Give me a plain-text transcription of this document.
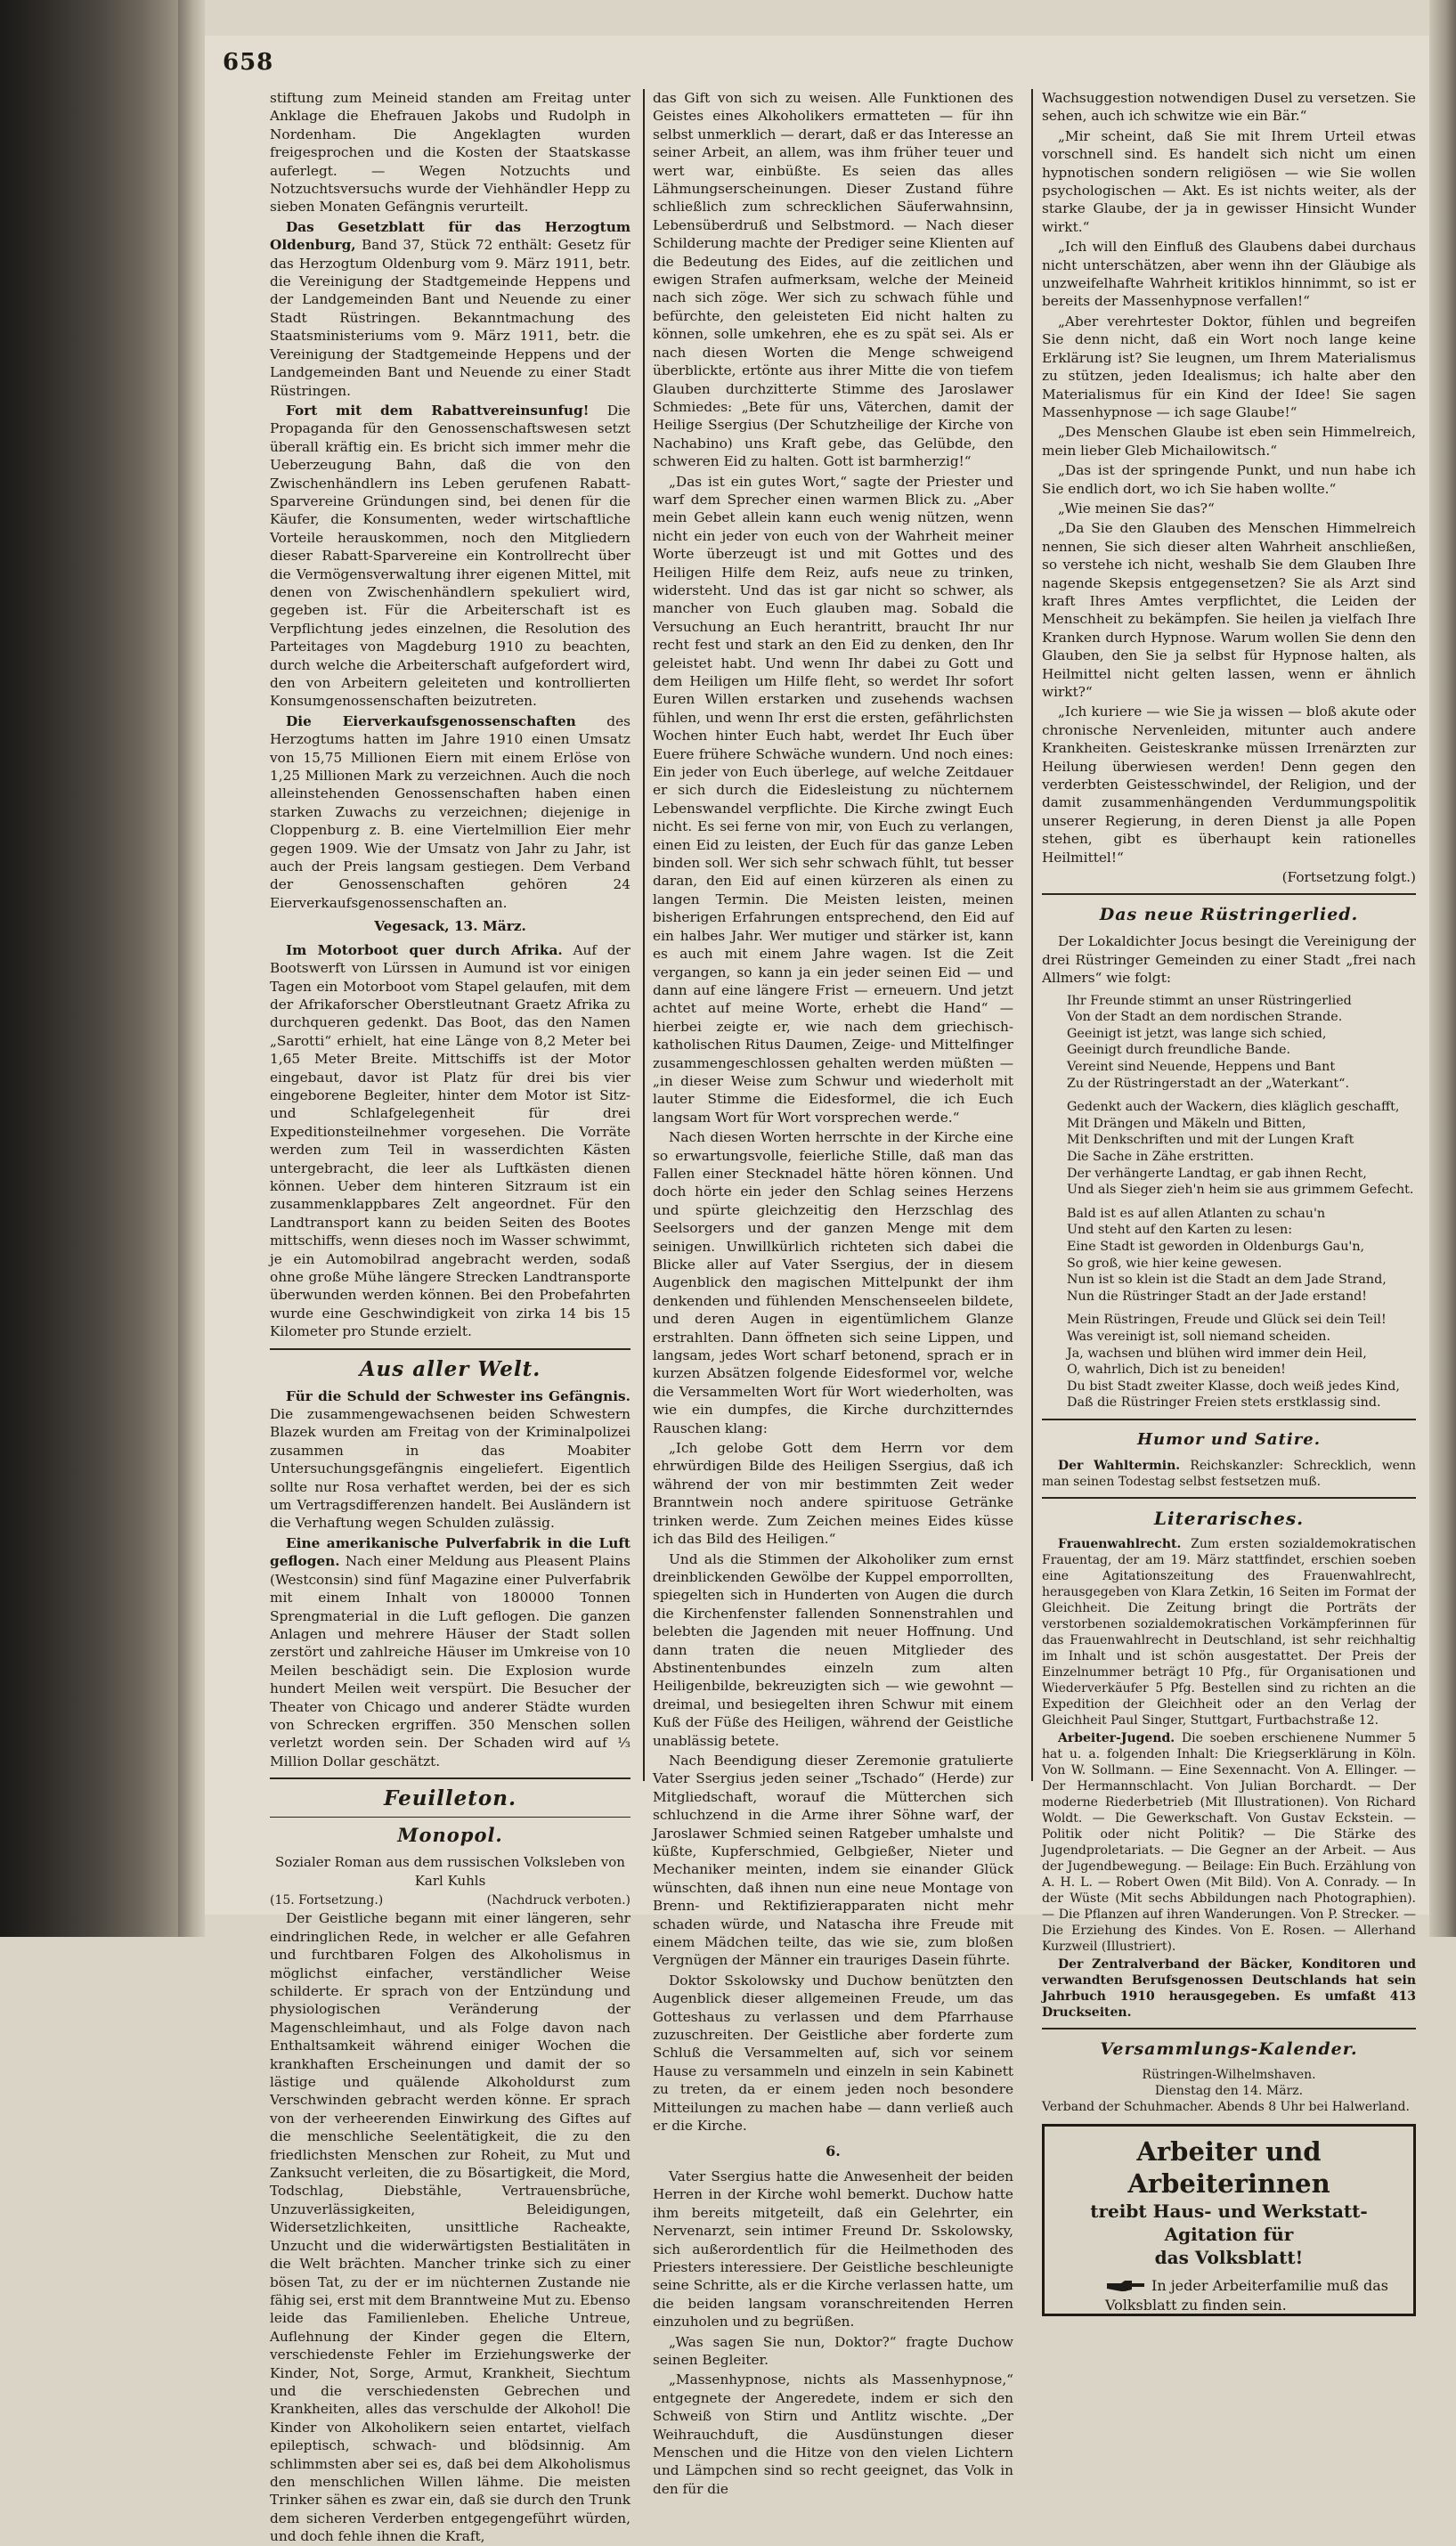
658

stiftung zum Meineid standen am Freitag unter Anklage die Ehefrauen Jakobs und Rudolph in Nordenham. Die Angeklagten wurden freigesprochen und die Kosten der Staatskasse auferlegt. — Wegen Notzuchts und Notzuchtsversuchs wurde der Viehhändler Hepp zu sieben Monaten Gefängnis verurteilt.

Das Gesetzblatt für das Herzogtum Oldenburg, Band 37, Stück 72 enthält: Gesetz für das Herzogtum Oldenburg vom 9. März 1911, betr. die Vereinigung der Stadtgemeinde Heppens und der Landgemeinden Bant und Neuende zu einer Stadt Rüstringen. Bekanntmachung des Staatsministeriums vom 9. März 1911, betr. die Vereinigung der Stadtgemeinde Heppens und der Landgemeinden Bant und Neuende zu einer Stadt Rüstringen.

Fort mit dem Rabattvereinsunfug! Die Propaganda für den Genossenschaftswesen setzt überall kräftig ein. Es bricht sich immer mehr die Ueberzeugung Bahn, daß die von den Zwischenhändlern ins Leben gerufenen Rabatt-Sparvereine Gründungen sind, bei denen für die Käufer, die Konsumenten, weder wirtschaftliche Vorteile herauskommen, noch den Mitgliedern dieser Rabatt-Sparvereine ein Kontrollrecht über die Vermögensverwaltung ihrer eigenen Mittel, mit denen von Zwischenhändlern spekuliert wird, gegeben ist. Für die Arbeiterschaft ist es Verpflichtung jedes einzelnen, die Resolution des Parteitages von Magdeburg 1910 zu beachten, durch welche die Arbeiterschaft aufgefordert wird, den von Arbeitern geleiteten und kontrollierten Konsumgenossenschaften beizutreten.

Die Eierverkaufsgenossenschaften des Herzogtums hatten im Jahre 1910 einen Umsatz von 15,75 Millionen Eiern mit einem Erlöse von 1,25 Millionen Mark zu verzeichnen. Auch die noch alleinstehenden Genossenschaften haben einen starken Zuwachs zu verzeichnen; diejenige in Cloppenburg z. B. eine Viertelmillion Eier mehr gegen 1909. Wie der Umsatz von Jahr zu Jahr, ist auch der Preis langsam gestiegen. Dem Verband der Genossenschaften gehören 24 Eierverkaufsgenossenschaften an.

Vegesack, 13. März.

Im Motorboot quer durch Afrika. Auf der Bootswerft von Lürssen in Aumund ist vor einigen Tagen ein Motorboot vom Stapel gelaufen, mit dem der Afrikaforscher Oberstleutnant Graetz Afrika zu durchqueren gedenkt. Das Boot, das den Namen „Sarotti“ erhielt, hat eine Länge von 8,2 Meter bei 1,65 Meter Breite. Mittschiffs ist der Motor eingebaut, davor ist Platz für drei bis vier eingeborene Begleiter, hinter dem Motor ist Sitz- und Schlafgelegenheit für drei Expeditionsteilnehmer vorgesehen. Die Vorräte werden zum Teil in wasserdichten Kästen untergebracht, die leer als Luftkästen dienen können. Ueber dem hinteren Sitzraum ist ein zusammenklappbares Zelt angeordnet. Für den Landtransport kann zu beiden Seiten des Bootes mittschiffs, wenn dieses noch im Wasser schwimmt, je ein Automobilrad angebracht werden, sodaß ohne große Mühe längere Strecken Landtransporte überwunden werden können. Bei den Probefahrten wurde eine Geschwindigkeit von zirka 14 bis 15 Kilometer pro Stunde erzielt.

Aus aller Welt.

Für die Schuld der Schwester ins Gefängnis. Die zusammengewachsenen beiden Schwestern Blazek wurden am Freitag von der Kriminalpolizei zusammen in das Moabiter Untersuchungsgefängnis eingeliefert. Eigentlich sollte nur Rosa verhaftet werden, bei der es sich um Vertragsdifferenzen handelt. Bei Ausländern ist die Verhaftung wegen Schulden zulässig.

Eine amerikanische Pulverfabrik in die Luft geflogen. Nach einer Meldung aus Pleasent Plains (Westconsin) sind fünf Magazine einer Pulverfabrik mit einem Inhalt von 180000 Tonnen Sprengmaterial in die Luft geflogen. Die ganzen Anlagen und mehrere Häuser der Stadt sollen zerstört und zahlreiche Häuser im Umkreise von 10 Meilen beschädigt sein. Die Explosion wurde hundert Meilen weit verspürt. Die Besucher der Theater von Chicago und anderer Städte wurden von Schrecken ergriffen. 350 Menschen sollen verletzt worden sein. Der Schaden wird auf ⅓ Million Dollar geschätzt.

Feuilleton.
Monopol.
Sozialer Roman aus dem russischen Volksleben von Karl Kuhls
(15. Fortsetzung.)	(Nachdruck verboten.)

Der Geistliche begann mit einer längeren, sehr eindringlichen Rede, in welcher er alle Gefahren und furchtbaren Folgen des Alkoholismus in möglichst einfacher, verständlicher Weise schilderte. Er sprach von der Entzündung und physiologischen Veränderung der Magenschleimhaut, und als Folge davon nach Enthaltsamkeit während einiger Wochen die krankhaften Erscheinungen und damit der so lästige und quälende Alkoholdurst zum Verschwinden gebracht werden könne. Er sprach von der verheerenden Einwirkung des Giftes auf die menschliche Seelentätigkeit, die zu den friedlichsten Menschen zur Roheit, zu Mut und Zanksucht verleiten, die zu Bösartigkeit, die Mord, Todschlag, Diebstähle, Vertrauensbrüche, Unzuverlässigkeiten, Beleidigungen, Widersetzlichkeiten, unsittliche Racheakte, Unzucht und die widerwärtigsten Bestialitäten in die Welt brächten. Mancher trinke sich zu einer bösen Tat, zu der er im nüchternen Zustande nie fähig sei, erst mit dem Branntweine Mut zu. Ebenso leide das Familienleben. Eheliche Untreue, Auflehnung der Kinder gegen die Eltern, verschiedenste Fehler im Erziehungswerke der Kinder, Not, Sorge, Armut, Krankheit, Siechtum und die verschiedensten Gebrechen und Krankheiten, alles das verschulde der Alkohol! Die Kinder von Alkoholikern seien entartet, vielfach epileptisch, schwach- und blödsinnig. Am schlimmsten aber sei es, daß bei dem Alkoholismus den menschlichen Willen lähme. Die meisten Trinker sähen es zwar ein, daß sie durch den Trunk dem sicheren Verderben entgegengeführt würden, und doch fehle ihnen die Kraft,

das Gift von sich zu weisen. Alle Funktionen des Geistes eines Alkoholikers ermatteten — für ihn selbst unmerklich — derart, daß er das Interesse an seiner Arbeit, an allem, was ihm früher teuer und wert war, einbüßte. Es seien das alles Lähmungserscheinungen. Dieser Zustand führe schließlich zum schrecklichen Säuferwahnsinn, Lebensüberdruß und Selbstmord. — Nach dieser Schilderung machte der Prediger seine Klienten auf die Bedeutung des Eides, auf die zeitlichen und ewigen Strafen aufmerksam, welche der Meineid nach sich zöge. Wer sich zu schwach fühle und befürchte, den geleisteten Eid nicht halten zu können, solle umkehren, ehe es zu spät sei. Als er nach diesen Worten die Menge schweigend überblickte, ertönte aus ihrer Mitte die von tiefem Glauben durchzitterte Stimme des Jaroslawer Schmiedes: „Bete für uns, Väterchen, damit der Heilige Ssergius (Der Schutzheilige der Kirche von Nachabino) uns Kraft gebe, das Gelübde, den schweren Eid zu halten. Gott ist barmherzig!“

„Das ist ein gutes Wort,“ sagte der Priester und warf dem Sprecher einen warmen Blick zu. „Aber mein Gebet allein kann euch wenig nützen, wenn nicht ein jeder von euch von der Wahrheit meiner Worte überzeugt ist und mit Gottes und des Heiligen Hilfe dem Reiz, aufs neue zu trinken, widersteht. Und das ist gar nicht so schwer, als mancher von Euch glauben mag. Sobald die Versuchung an Euch herantritt, braucht Ihr nur recht fest und stark an den Eid zu denken, den Ihr geleistet habt. Und wenn Ihr dabei zu Gott und dem Heiligen um Hilfe fleht, so werdet Ihr sofort Euren Willen erstarken und zusehends wachsen fühlen, und wenn Ihr erst die ersten, gefährlichsten Wochen hinter Euch habt, werdet Ihr Euch über Euere frühere Schwäche wundern. Und noch eines: Ein jeder von Euch überlege, auf welche Zeitdauer er sich durch die Eidesleistung zu nüchternem Lebenswandel verpflichte. Die Kirche zwingt Euch nicht. Es sei ferne von mir, von Euch zu verlangen, einen Eid zu leisten, der Euch für das ganze Leben binden soll. Wer sich sehr schwach fühlt, tut besser daran, den Eid auf einen kürzeren als einen zu langen Termin. Die Meisten leisten, meinen bisherigen Erfahrungen entsprechend, den Eid auf ein halbes Jahr. Wer mutiger und stärker ist, kann es auch mit einem Jahre wagen. Ist die Zeit vergangen, so kann ja ein jeder seinen Eid — und dann auf eine längere Frist — erneuern. Und jetzt achtet auf meine Worte, erhebt die Hand“ — hierbei zeigte er, wie nach dem griechisch-katholischen Ritus Daumen, Zeige- und Mittelfinger zusammengeschlossen gehalten werden müßten — „in dieser Weise zum Schwur und wiederholt mit lauter Stimme die Eidesformel, die ich Euch langsam Wort für Wort vorsprechen werde.“

Nach diesen Worten herrschte in der Kirche eine so erwartungsvolle, feierliche Stille, daß man das Fallen einer Stecknadel hätte hören können. Und doch hörte ein jeder den Schlag seines Herzens und spürte gleichzeitig den Herzschlag des Seelsorgers und der ganzen Menge mit dem seinigen. Unwillkürlich richteten sich dabei die Blicke aller auf Vater Ssergius, der in diesem Augenblick den magischen Mittelpunkt der ihm denkenden und fühlenden Menschenseelen bildete, und deren Augen in eigentümlichem Glanze erstrahlten. Dann öffneten sich seine Lippen, und langsam, jedes Wort scharf betonend, sprach er in kurzen Absätzen folgende Eidesformel vor, welche die Versammelten Wort für Wort wiederholten, was wie ein dumpfes, die Kirche durchzitterndes Rauschen klang:

„Ich gelobe Gott dem Herrn vor dem ehrwürdigen Bilde des Heiligen Ssergius, daß ich während der von mir bestimmten Zeit weder Branntwein noch andere spirituose Getränke trinken werde. Zum Zeichen meines Eides küsse ich das Bild des Heiligen.“

Und als die Stimmen der Alkoholiker zum ernst dreinblickenden Gewölbe der Kuppel emporrollten, spiegelten sich in Hunderten von Augen die durch die Kirchenfenster fallenden Sonnenstrahlen und belebten die Jagenden mit neuer Hoffnung. Und dann traten die neuen Mitglieder des Abstinentenbundes einzeln zum alten Heiligenbilde, bekreuzigten sich — wie gewohnt — dreimal, und besiegelten ihren Schwur mit einem Kuß der Füße des Heiligen, während der Geistliche unablässig betete.

Nach Beendigung dieser Zeremonie gratulierte Vater Ssergius jeden seiner „Tschado“ (Herde) zur Mitgliedschaft, worauf die Mütterchen sich schluchzend in die Arme ihrer Söhne warf, der Jaroslawer Schmied seinen Ratgeber umhalste und küßte, Kupferschmied, Gelbgießer, Nieter und Mechaniker meinten, indem sie einander Glück wünschten, daß ihnen nun eine neue Montage von Brenn- und Rektifizierapparaten nicht mehr schaden würde, und Natascha ihre Freude mit einem Mädchen teilte, das wie sie, zum bloßen Vergnügen der Männer ein trauriges Dasein führte.

Doktor Sskolowsky und Duchow benützten den Augenblick dieser allgemeinen Freude, um das Gotteshaus zu verlassen und dem Pfarrhause zuzuschreiten. Der Geistliche aber forderte zum Schluß die Versammelten auf, sich vor seinem Hause zu versammeln und einzeln in sein Kabinett zu treten, da er einem jeden noch besondere Mitteilungen zu machen habe — dann verließ auch er die Kirche.

6.

Vater Ssergius hatte die Anwesenheit der beiden Herren in der Kirche wohl bemerkt. Duchow hatte ihm bereits mitgeteilt, daß ein Gelehrter, ein Nervenarzt, sein intimer Freund Dr. Sskolowsky, sich außerordentlich für die Heilmethoden des Priesters interessiere. Der Geistliche beschleunigte seine Schritte, als er die Kirche verlassen hatte, um die beiden langsam voranschreitenden Herren einzuholen und zu begrüßen.

„Was sagen Sie nun, Doktor?“ fragte Duchow seinen Begleiter.

„Massenhypnose, nichts als Massenhypnose,“ entgegnete der Angeredete, indem er sich den Schweiß von Stirn und Antlitz wischte. „Der Weihrauchduft, die Ausdünstungen dieser Menschen und die Hitze von den vielen Lichtern und Lämpchen sind so recht geeignet, das Volk in den für die

Wachsuggestion notwendigen Dusel zu versetzen. Sie sehen, auch ich schwitze wie ein Bär.“

„Mir scheint, daß Sie mit Ihrem Urteil etwas vorschnell sind. Es handelt sich nicht um einen hypnotischen sondern religiösen — wie Sie wollen psychologischen — Akt. Es ist nichts weiter, als der starke Glaube, der ja in gewisser Hinsicht Wunder wirkt.“

„Ich will den Einfluß des Glaubens dabei durchaus nicht unterschätzen, aber wenn ihn der Gläubige als unzweifelhafte Wahrheit kritiklos hinnimmt, so ist er bereits der Massenhypnose verfallen!“

„Aber verehrtester Doktor, fühlen und begreifen Sie denn nicht, daß ein Wort noch lange keine Erklärung ist? Sie leugnen, um Ihrem Materialismus zu stützen, jeden Idealismus; ich halte aber den Materialismus für ein Kind der Idee! Sie sagen Massenhypnose — ich sage Glaube!“

„Des Menschen Glaube ist eben sein Himmelreich, mein lieber Gleb Michailowitsch.“

„Das ist der springende Punkt, und nun habe ich Sie endlich dort, wo ich Sie haben wollte.“

„Wie meinen Sie das?“

„Da Sie den Glauben des Menschen Himmelreich nennen, Sie sich dieser alten Wahrheit anschließen, so verstehe ich nicht, weshalb Sie dem Glauben Ihre nagende Skepsis entgegensetzen? Sie als Arzt sind kraft Ihres Amtes verpflichtet, die Leiden der Menschheit zu bekämpfen. Sie heilen ja vielfach Ihre Kranken durch Hypnose. Warum wollen Sie denn den Glauben, den Sie ja selbst für Hypnose halten, als Heilmittel nicht gelten lassen, wenn er ähnlich wirkt?“

„Ich kuriere — wie Sie ja wissen — bloß akute oder chronische Nervenleiden, mitunter auch andere Krankheiten. Geisteskranke müssen Irrenärzten zur Heilung überwiesen werden! Denn gegen den verderbten Geistesschwindel, der Religion, und der damit zusammenhängenden Verdummungspolitik unserer Regierung, in deren Dienst ja alle Popen stehen, gibt es überhaupt kein rationelles Heilmittel!“

(Fortsetzung folgt.)
Das neue Rüstringerlied.

Der Lokaldichter Jocus besingt die Vereinigung der drei Rüstringer Gemeinden zu einer Stadt „frei nach Allmers“ wie folgt:

Ihr Freunde stimmt an unser Rüstringerlied
Von der Stadt an dem nordischen Strande.
Geeinigt ist jetzt, was lange sich schied,
Geeinigt durch freundliche Bande.
Vereint sind Neuende, Heppens und Bant
Zu der Rüstringerstadt an der „Waterkant“.
Gedenkt auch der Wackern, dies kläglich geschafft,
Mit Drängen und Mäkeln und Bitten,
Mit Denkschriften und mit der Lungen Kraft
Die Sache in Zähe erstritten.
Der verhängerte Landtag, er gab ihnen Recht,
Und als Sieger zieh'n heim sie aus grimmem Gefecht.
Bald ist es auf allen Atlanten zu schau'n
Und steht auf den Karten zu lesen:
Eine Stadt ist geworden in Oldenburgs Gau'n,
So groß, wie hier keine gewesen.
Nun ist so klein ist die Stadt an dem Jade Strand,
Nun die Rüstringer Stadt an der Jade erstand!
Mein Rüstringen, Freude und Glück sei dein Teil!
Was vereinigt ist, soll niemand scheiden.
Ja, wachsen und blühen wird immer dein Heil,
O, wahrlich, Dich ist zu beneiden!
Du bist Stadt zweiter Klasse, doch weiß jedes Kind,
Daß die Rüstringer Freien stets erstklassig sind.
Humor und Satire.

Der Wahltermin. Reichskanzler: Schrecklich, wenn man seinen Todestag selbst festsetzen muß.

Literarisches.

Frauenwahlrecht. Zum ersten sozialdemokratischen Frauentag, der am 19. März stattfindet, erschien soeben eine Agitationszeitung des Frauenwahlrecht, herausgegeben von Klara Zetkin, 16 Seiten im Format der Gleichheit. Die Zeitung bringt die Porträts der verstorbenen sozialdemokratischen Vorkämpferinnen für das Frauenwahlrecht in Deutschland, ist sehr reichhaltig im Inhalt und ist schön ausgestattet. Der Preis der Einzelnummer beträgt 10 Pfg., für Organisationen und Wiederverkäufer 5 Pfg. Bestellen sind zu richten an die Expedition der Gleichheit oder an den Verlag der Gleichheit Paul Singer, Stuttgart, Furtbachstraße 12.

Arbeiter-Jugend. Die soeben erschienene Nummer 5 hat u. a. folgenden Inhalt: Die Kriegserklärung in Köln. Von W. Sollmann. — Eine Sexennacht. Von A. Ellinger. — Der Hermannschlacht. Von Julian Borchardt. — Der moderne Riederbetrieb (Mit Illustrationen). Von Richard Woldt. — Die Gewerkschaft. Von Gustav Eckstein. — Politik oder nicht Politik? — Die Stärke des Jugendproletariats. — Die Gegner an der Arbeit. — Aus der Jugendbewegung. — Beilage: Ein Buch. Erzählung von A. H. L. — Robert Owen (Mit Bild). Von A. Conrady. — In der Wüste (Mit sechs Abbildungen nach Photographien). — Die Pflanzen auf ihren Wanderungen. Von P. Strecker. — Die Erziehung des Kindes. Von E. Rosen. — Allerhand Kurzweil (Illustriert).

Der Zentralverband der Bäcker, Konditoren und verwandten Berufsgenossen Deutschlands hat sein Jahrbuch 1910 herausgegeben. Es umfaßt 413 Druckseiten.

Versammlungs-Kalender.
Rüstringen-Wilhelmshaven.
Dienstag den 14. März.
Verband der Schuhmacher. Abends 8 Uhr bei Halwerland.
Arbeiter und Arbeiterinnen
treibt Haus- und Werkstatt-Agitation für
das Volksblatt!
In jeder Arbeiterfamilie muß das Volksblatt zu finden sein.
